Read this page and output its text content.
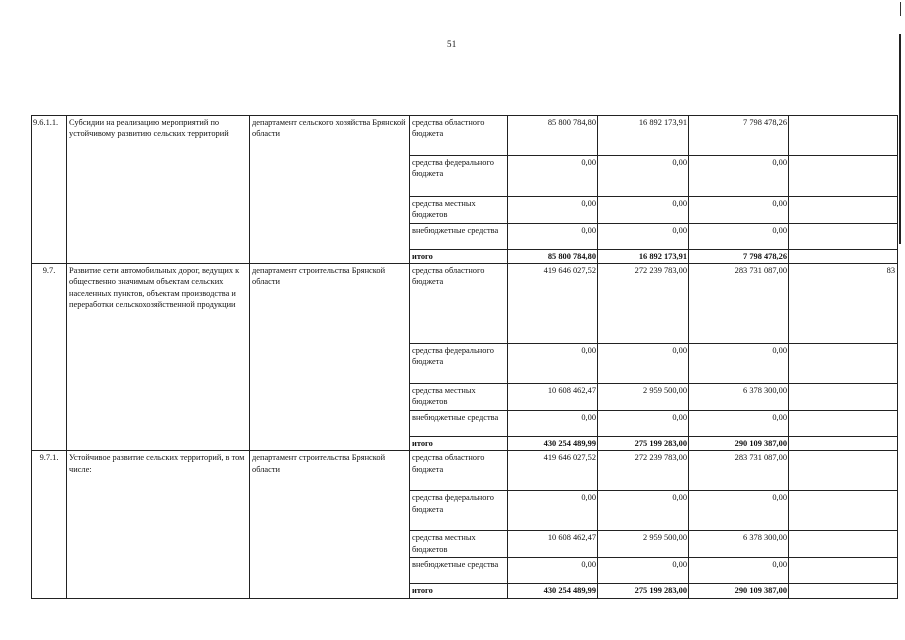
51
9.6.1.1.	Субсидии на реализацию мероприятий по устойчивому развитию сельских территорий	департамент сельского хозяйства Брянской области	средства областного бюджета	85 800 784,80	16 892 173,91	7 798 478,26	
			средства федерального бюджета	0,00	0,00	0,00	
			средства местных бюджетов	0,00	0,00	0,00	
			внебюджетные средства	0,00	0,00	0,00	
			итого	85 800 784,80	16 892 173,91	7 798 478,26	
9.7.	Развитие сети автомобильных дорог, ведущих к общественно значимым объектам сельских населенных пунктов, объектам производства и переработки сельскохозяйственной продукции	департамент строительства Брянской области	средства областного бюджета	419 646 027,52	272 239 783,00	283 731 087,00	83
			средства федерального бюджета	0,00	0,00	0,00	
			средства местных бюджетов	10 608 462,47	2 959 500,00	6 378 300,00	
			внебюджетные средства	0,00	0,00	0,00	
			итого	430 254 489,99	275 199 283,00	290 109 387,00	
9.7.1.	Устойчивое развитие сельских территорий, в том числе:	департамент строительства Брянской области	средства областного бюджета	419 646 027,52	272 239 783,00	283 731 087,00	
			средства федерального бюджета	0,00	0,00	0,00	
			средства местных бюджетов	10 608 462,47	2 959 500,00	6 378 300,00	
			внебюджетные средства	0,00	0,00	0,00	
			итого	430 254 489,99	275 199 283,00	290 109 387,00	
